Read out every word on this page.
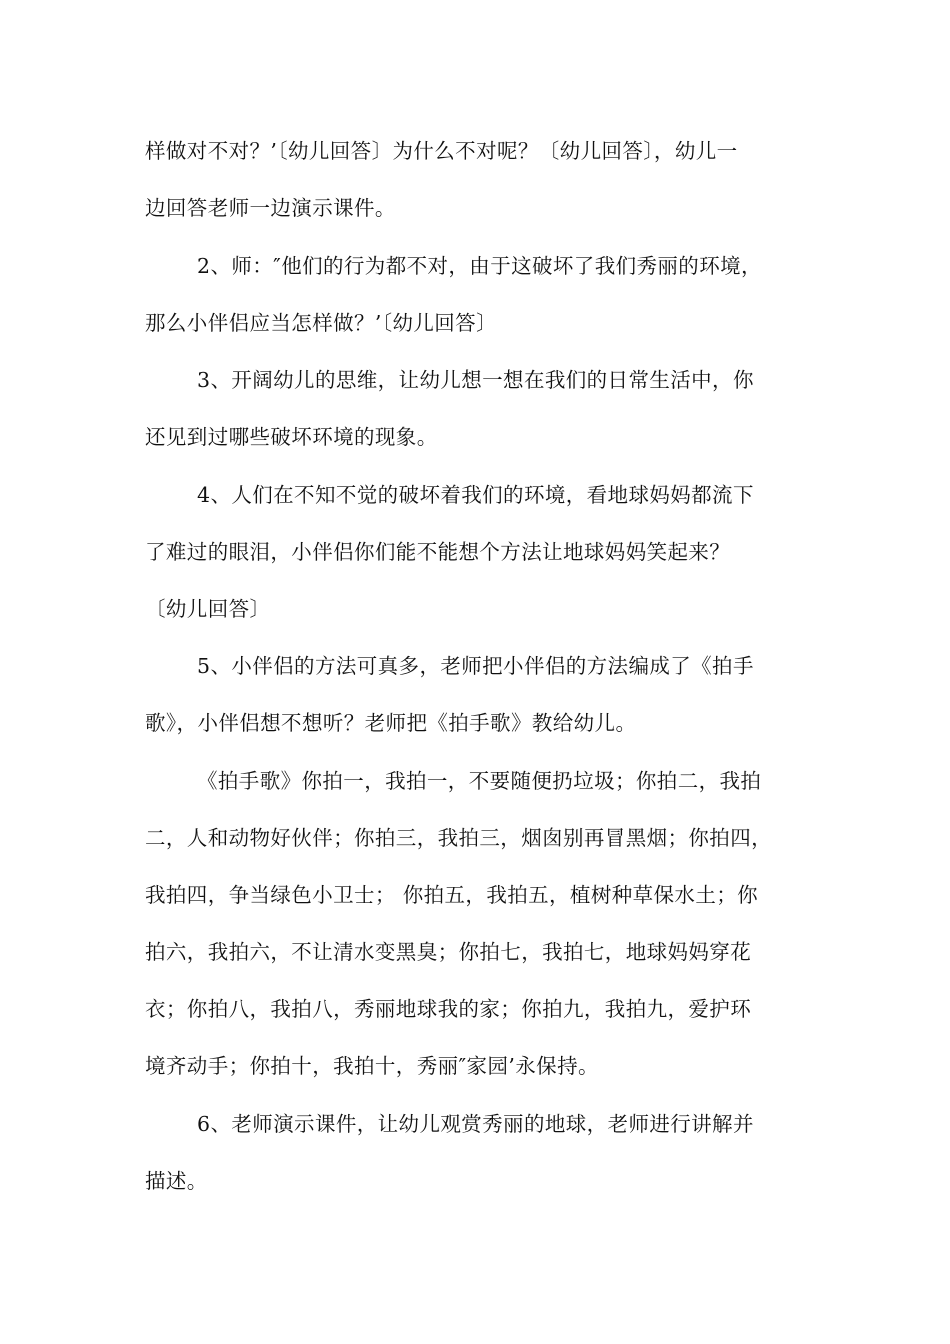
样做对不对？’〔幼儿回答〕为什么不对呢？〔幼儿回答〕，幼儿一
边回答老师一边演示课件。
2、师：″他们的行为都不对，由于这破坏了我们秀丽的环境，
那么小伴侣应当怎样做？’〔幼儿回答〕
3、开阔幼儿的思维，让幼儿想一想在我们的日常生活中，你
还见到过哪些破坏环境的现象。
4、人们在不知不觉的破坏着我们的环境，看地球妈妈都流下
了难过的眼泪，小伴侣你们能不能想个方法让地球妈妈笑起来？
〔幼儿回答〕
5、小伴侣的方法可真多，老师把小伴侣的方法编成了《拍手
歌》，小伴侣想不想听？老师把《拍手歌》教给幼儿。
《拍手歌》你拍一，我拍一，不要随便扔垃圾；你拍二，我拍
二，人和动物好伙伴；你拍三，我拍三，烟囱别再冒黑烟；你拍四，
我拍四，争当绿色小卫士； 你拍五，我拍五，植树种草保水土；你
拍六，我拍六，不让清水变黑臭；你拍七，我拍七，地球妈妈穿花
衣；你拍八，我拍八，秀丽地球我的家；你拍九，我拍九，爱护环
境齐动手；你拍十，我拍十，秀丽″家园’永保持。
6、老师演示课件，让幼儿观赏秀丽的地球，老师进行讲解并
描述。
